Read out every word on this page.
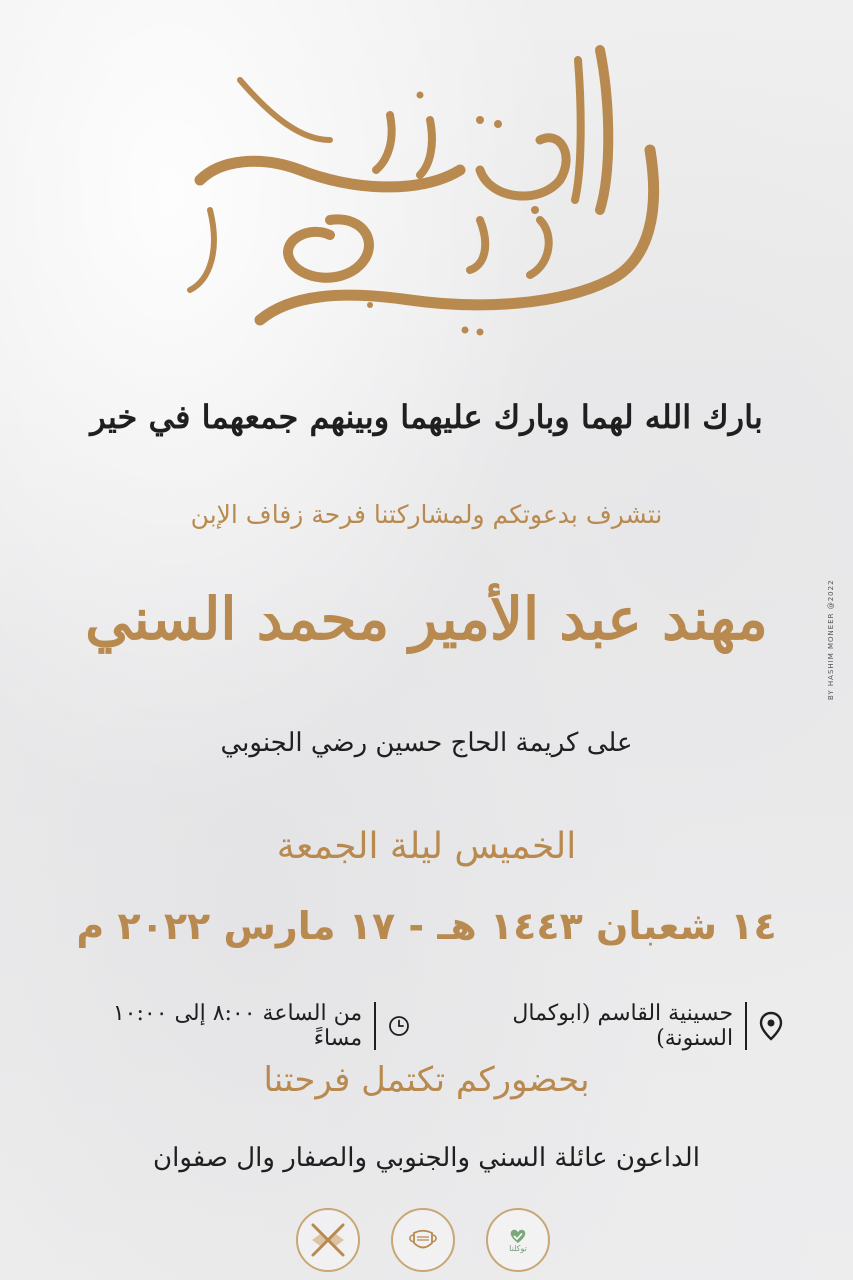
بارك الله لهما وبارك عليهما وبينهم جمعهما في خير
نتشرف بدعوتكم ولمشاركتنا فرحة زفاف الإبن
مهند عبد الأمير محمد السني
على كريمة الحاج حسين رضي الجنوبي
الخميس ليلة الجمعة
١٤ شعبان ١٤٤٣ هـ - ١٧ مارس ٢٠٢٢ م
حسينية القاسم (ابوكمال السنونة)
من الساعة ٨:٠٠ إلى ١٠:٠٠ مساءً
بحضوركم تكتمل فرحتنا
الداعون عائلة السني والجنوبي والصفار وال صفوان
BY HASHIM MONEER @2022
توكلنا
